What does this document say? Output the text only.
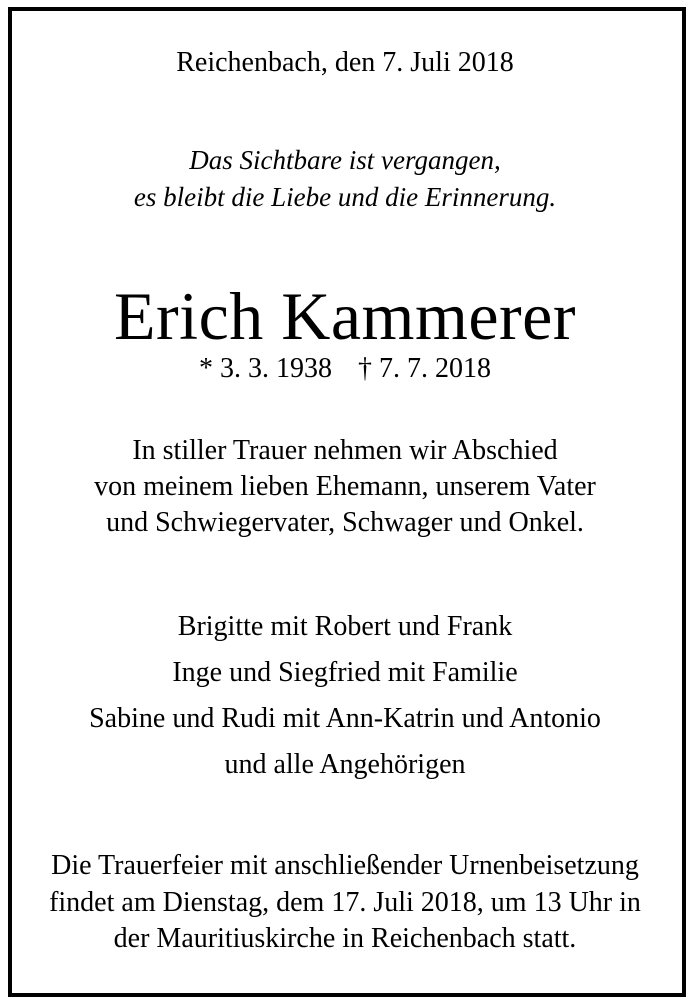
Reichenbach, den 7. Juli 2018
Das Sichtbare ist vergangen,
es bleibt die Liebe und die Erinnerung.
Erich Kammerer
* 3. 3. 1938 † 7. 7. 2018
In stiller Trauer nehmen wir Abschied
von meinem lieben Ehemann, unserem Vater
und Schwiegervater, Schwager und Onkel.
Brigitte mit Robert und Frank
Inge und Siegfried mit Familie
Sabine und Rudi mit Ann-Katrin und Antonio
und alle Angehörigen
Die Trauerfeier mit anschließender Urnenbeisetzung
findet am Dienstag, dem 17. Juli 2018, um 13 Uhr in
der Mauritiuskirche in Reichenbach statt.
